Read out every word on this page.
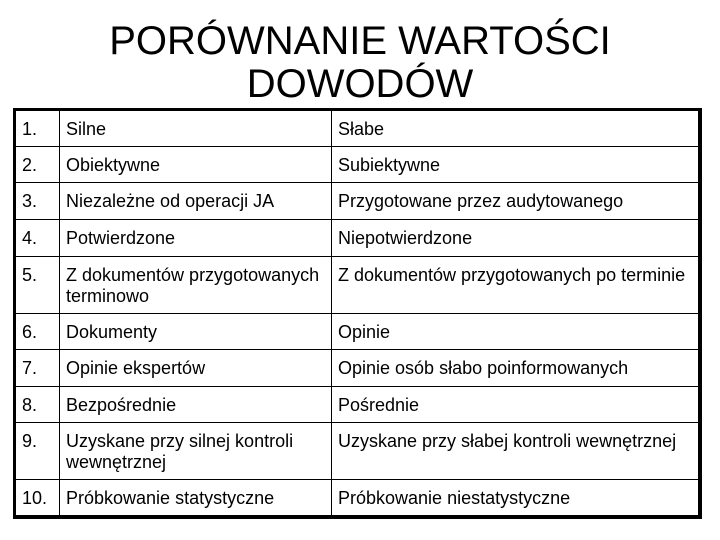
PORÓWNANIE WARTOŚCI
DOWODÓW
1.	Silne	Słabe
2.	Obiektywne	Subiektywne
3.	Niezależne od operacji JA	Przygotowane przez audytowanego
4.	Potwierdzone	Niepotwierdzone
5.	Z dokumentów przygotowanych terminowo	Z dokumentów przygotowanych po terminie
6.	Dokumenty	Opinie
7.	Opinie ekspertów	Opinie osób słabo poinformowanych
8.	Bezpośrednie	Pośrednie
9.	Uzyskane przy silnej kontroli wewnętrznej	Uzyskane przy słabej kontroli wewnętrznej
10.	Próbkowanie statystyczne	Próbkowanie niestatystyczne
